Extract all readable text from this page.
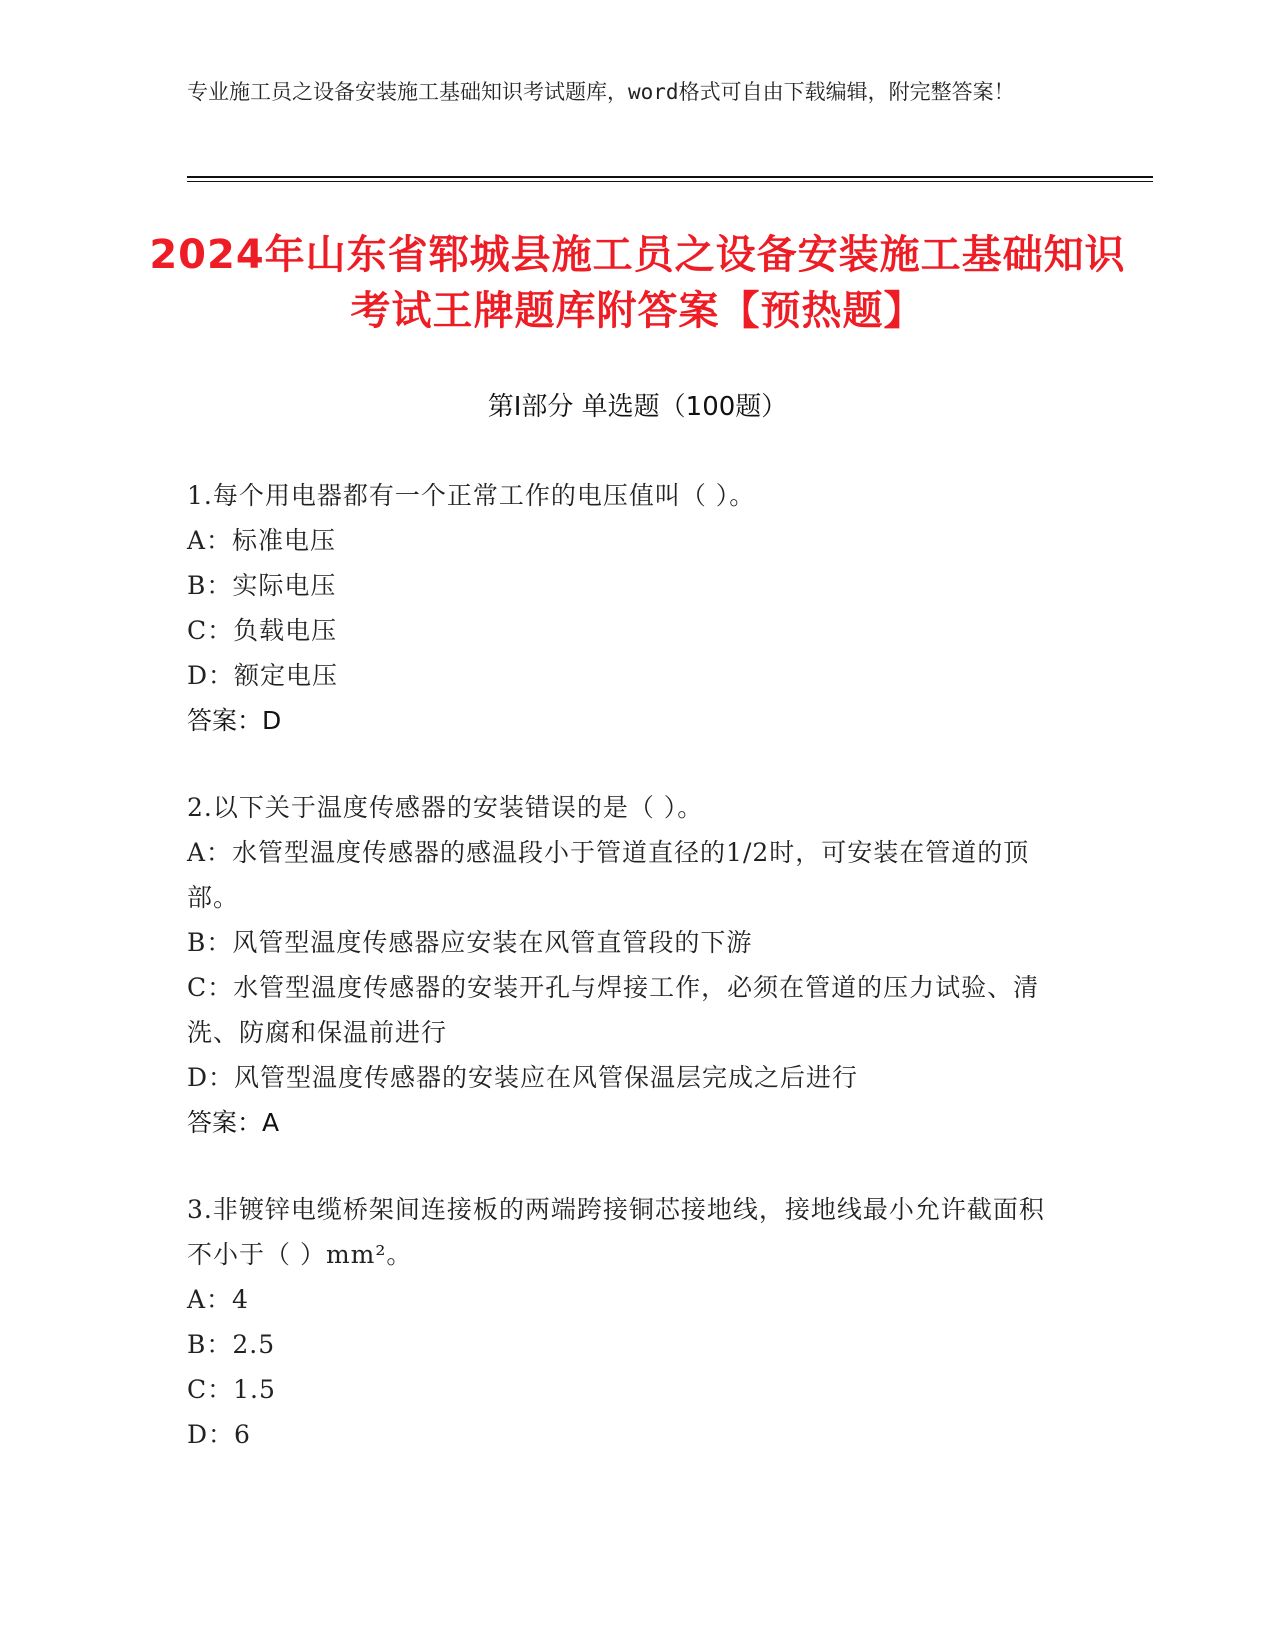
专业施工员之设备安装施工基础知识考试题库，word格式可自由下载编辑，附完整答案！
2024年山东省郓城县施工员之设备安装施工基础知识考试王牌题库附答案【预热题】
第Ⅰ部分 单选题（100题）

1.每个用电器都有一个正常工作的电压值叫（ ）。

A：标准电压

B：实际电压

C：负载电压

D：额定电压

答案：D

2.以下关于温度传感器的安装错误的是（ ）。

A：水管型温度传感器的感温段小于管道直径的1/2时，可安装在管道的顶部。

B：风管型温度传感器应安装在风管直管段的下游

C：水管型温度传感器的安装开孔与焊接工作，必须在管道的压力试验、清洗、防腐和保温前进行

D：风管型温度传感器的安装应在风管保温层完成之后进行

答案：A

3.非镀锌电缆桥架间连接板的两端跨接铜芯接地线，接地线最小允许截面积不小于（ ）mm²。

A：4

B：2.5

C：1.5

D：6
